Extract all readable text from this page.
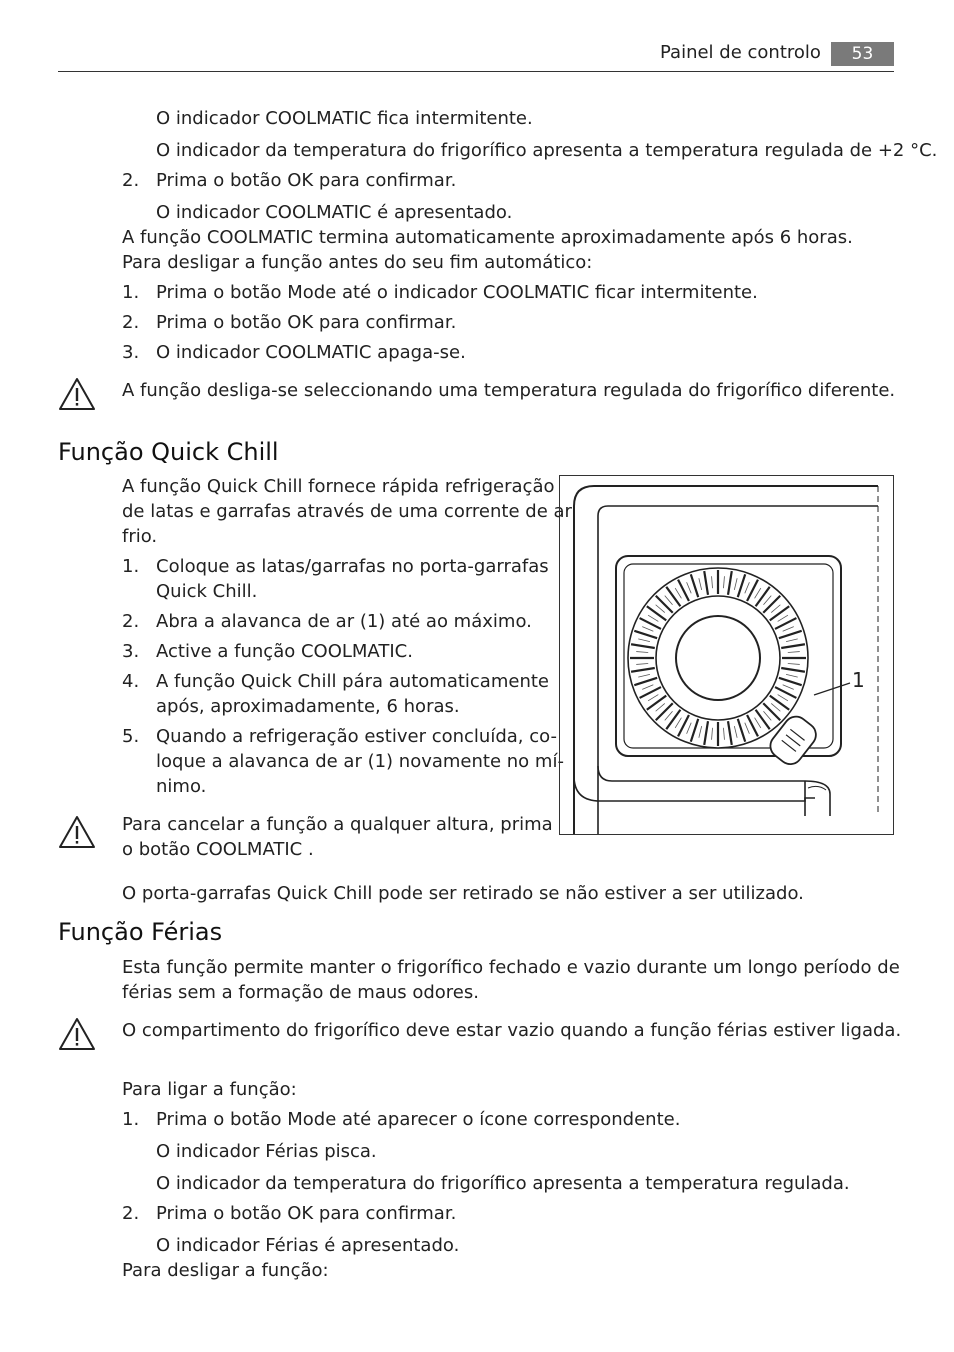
Painel de controlo	53
O indicador COOLMATIC fica intermitente.
O indicador da temperatura do frigorífico apresenta a temperatura regulada de +2 °C.
2. Prima o botão OK para confirmar.
O indicador COOLMATIC é apresentado.
A função COOLMATIC termina automaticamente aproximadamente após 6 horas.
Para desligar a função antes do seu fim automático:
1. Prima o botão Mode até o indicador COOLMATIC ficar intermitente.
2. Prima o botão OK para confirmar.
3. O indicador COOLMATIC apaga-se.
A função desliga-se seleccionando uma temperatura regulada do frigorífico diferente.
Função Quick Chill
A função Quick Chill fornece rápida refrigeração
de latas e garrafas através de uma corrente de ar
frio.
1. Coloque as latas/garrafas no porta-garrafas
Quick Chill.
2. Abra a alavanca de ar (1) até ao máximo.
3. Active a função COOLMATIC.
4. A função Quick Chill pára automaticamente
após, aproximadamente, 6 horas.
5. Quando a refrigeração estiver concluída, co-
loque a alavanca de ar (1) novamente no mí-
nimo.
Para cancelar a função a qualquer altura, prima
o botão COOLMATIC .
1
O porta-garrafas Quick Chill pode ser retirado se não estiver a ser utilizado.
Função Férias
Esta função permite manter o frigorífico fechado e vazio durante um longo período de
férias sem a formação de maus odores.
O compartimento do frigorífico deve estar vazio quando a função férias estiver ligada.
Para ligar a função:
1. Prima o botão Mode até aparecer o ícone correspondente.
O indicador Férias pisca.
O indicador da temperatura do frigorífico apresenta a temperatura regulada.
2. Prima o botão OK para confirmar.
O indicador Férias é apresentado.
Para desligar a função:
